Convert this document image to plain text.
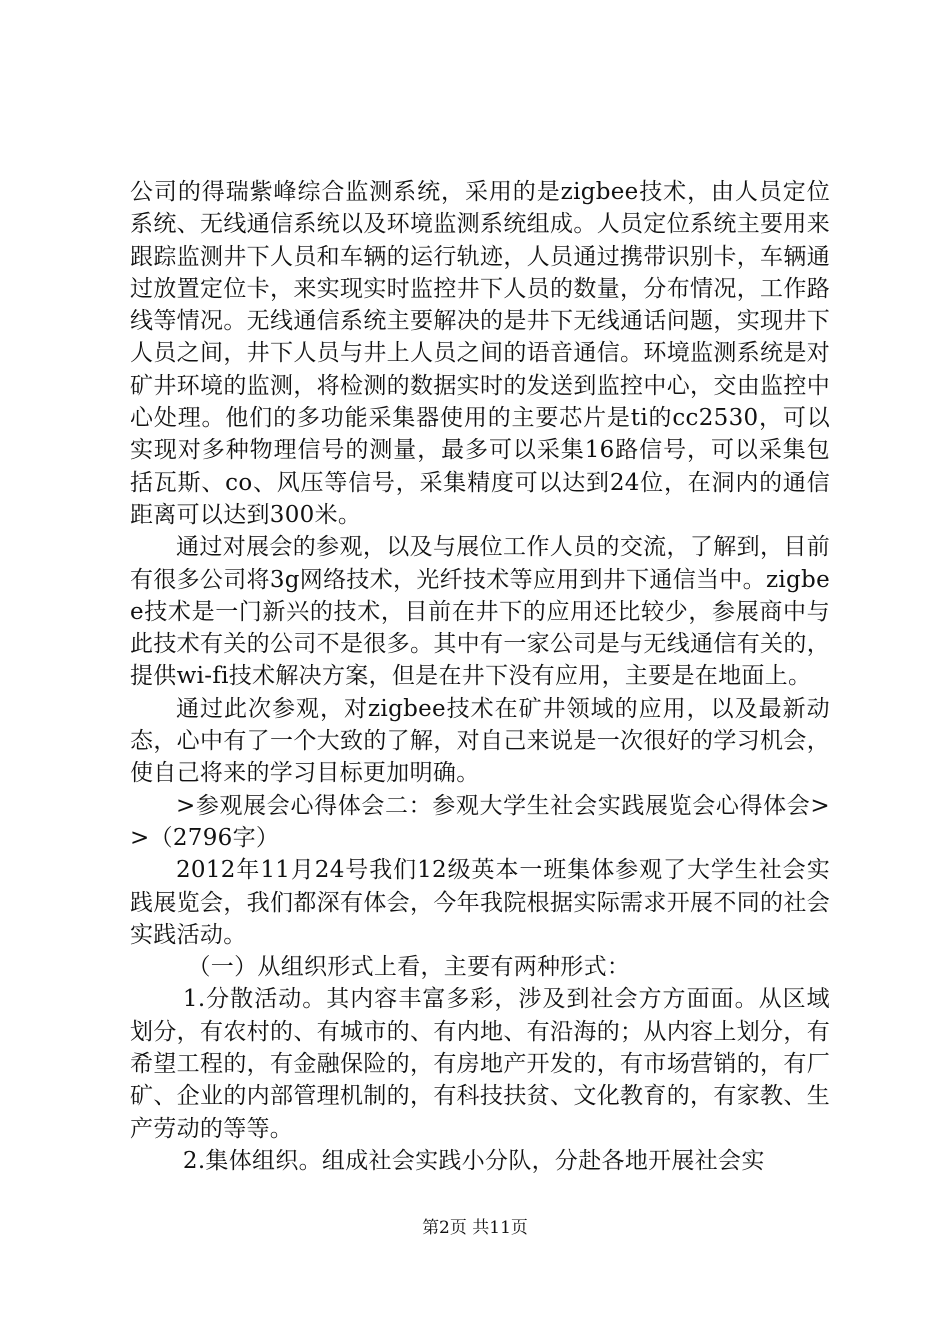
公司的得瑞紫峰综合监测系统，采用的是zigbee技术，由人员定位系统、无线通信系统以及环境监测系统组成。人员定位系统主要用来跟踪监测井下人员和车辆的运行轨迹，人员通过携带识别卡，车辆通过放置定位卡，来实现实时监控井下人员的数量，分布情况，工作路线等情况。无线通信系统主要解决的是井下无线通话问题，实现井下人员之间，井下人员与井上人员之间的语音通信。环境监测系统是对矿井环境的监测，将检测的数据实时的发送到监控中心，交由监控中心处理。他们的多功能采集器使用的主要芯片是ti的cc2530，可以实现对多种物理信号的测量，最多可以采集16路信号，可以采集包括瓦斯、co、风压等信号，采集精度可以达到24位，在洞内的通信距离可以达到300米。

通过对展会的参观，以及与展位工作人员的交流，了解到，目前有很多公司将3g网络技术，光纤技术等应用到井下通信当中。zigbee技术是一门新兴的技术，目前在井下的应用还比较少，参展商中与此技术有关的公司不是很多。其中有一家公司是与无线通信有关的，提供wi-fi技术解决方案，但是在井下没有应用，主要是在地面上。

通过此次参观，对zigbee技术在矿井领域的应用，以及最新动态，心中有了一个大致的了解，对自己来说是一次很好的学习机会，使自己将来的学习目标更加明确。

>参观展会心得体会二：参观大学生社会实践展览会心得体会>>（2796字）

2012年11月24号我们12级英本一班集体参观了大学生社会实践展览会，我们都深有体会，今年我院根据实际需求开展不同的社会实践活动。

（一）从组织形式上看，主要有两种形式：

1.分散活动。其内容丰富多彩，涉及到社会方方面面。从区域划分，有农村的、有城市的、有内地、有沿海的；从内容上划分，有希望工程的，有金融保险的，有房地产开发的，有市场营销的，有厂矿、企业的内部管理机制的，有科技扶贫、文化教育的，有家教、生产劳动的等等。

2.集体组织。组成社会实践小分队，分赴各地开展社会实

第2页 共11页
